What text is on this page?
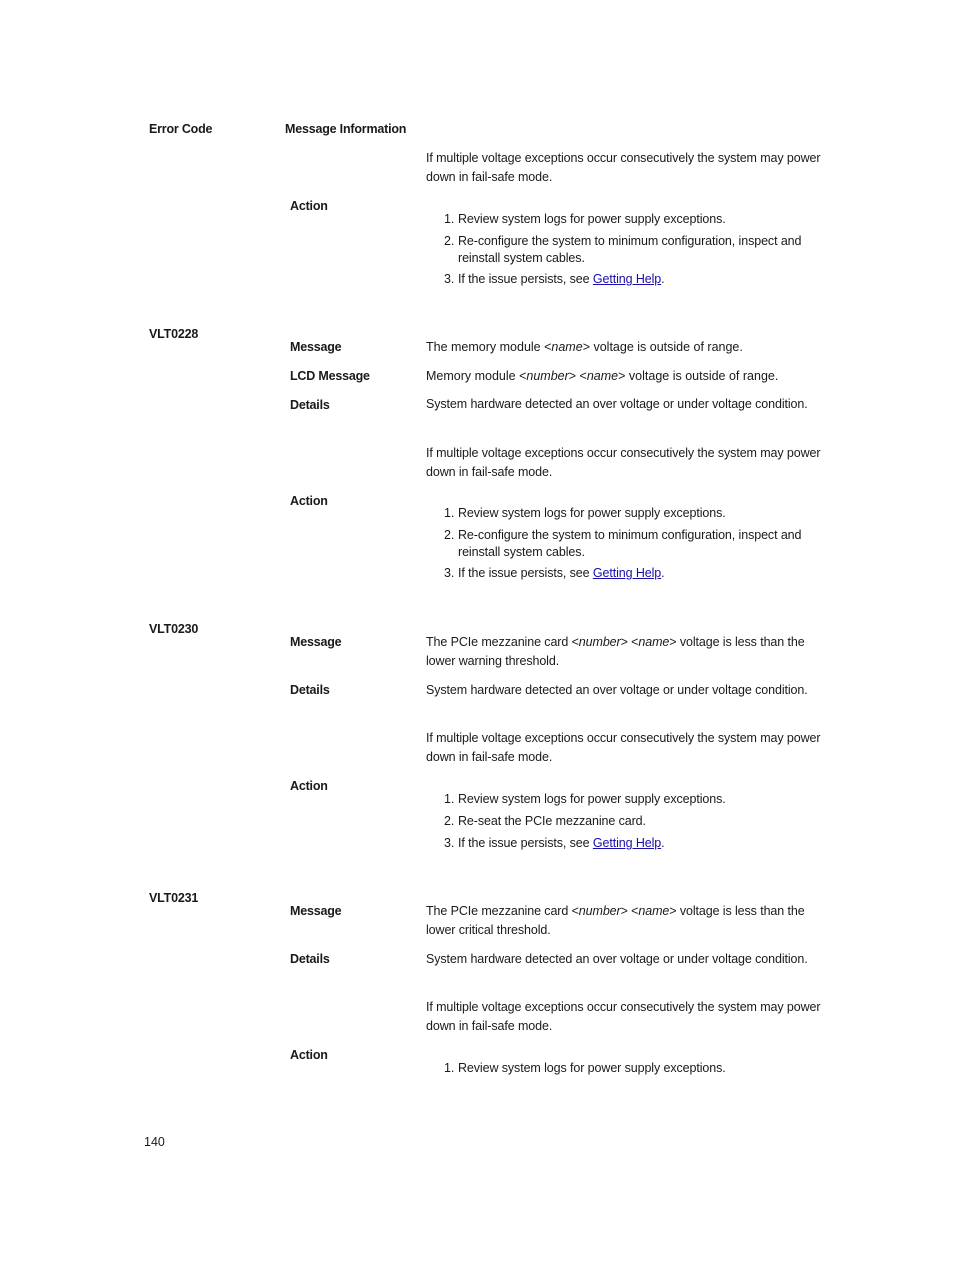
Error Code	Message Information
If multiple voltage exceptions occur consecutively the system may power down in fail-safe mode.
Action
1. Review system logs for power supply exceptions.
2. Re-configure the system to minimum configuration, inspect and reinstall system cables.
3. If the issue persists, see Getting Help.
VLT0228
Message	The memory module <name> voltage is outside of range.
LCD Message	Memory module <number> <name> voltage is outside of range.
Details	System hardware detected an over voltage or under voltage condition.
If multiple voltage exceptions occur consecutively the system may power down in fail-safe mode.
Action
1. Review system logs for power supply exceptions.
2. Re-configure the system to minimum configuration, inspect and reinstall system cables.
3. If the issue persists, see Getting Help.
VLT0230
Message	The PCIe mezzanine card <number> <name> voltage is less than the lower warning threshold.
Details	System hardware detected an over voltage or under voltage condition.
If multiple voltage exceptions occur consecutively the system may power down in fail-safe mode.
Action
1. Review system logs for power supply exceptions.
2. Re-seat the PCIe mezzanine card.
3. If the issue persists, see Getting Help.
VLT0231
Message	The PCIe mezzanine card <number> <name> voltage is less than the lower critical threshold.
Details	System hardware detected an over voltage or under voltage condition.
If multiple voltage exceptions occur consecutively the system may power down in fail-safe mode.
Action
1. Review system logs for power supply exceptions.
140
